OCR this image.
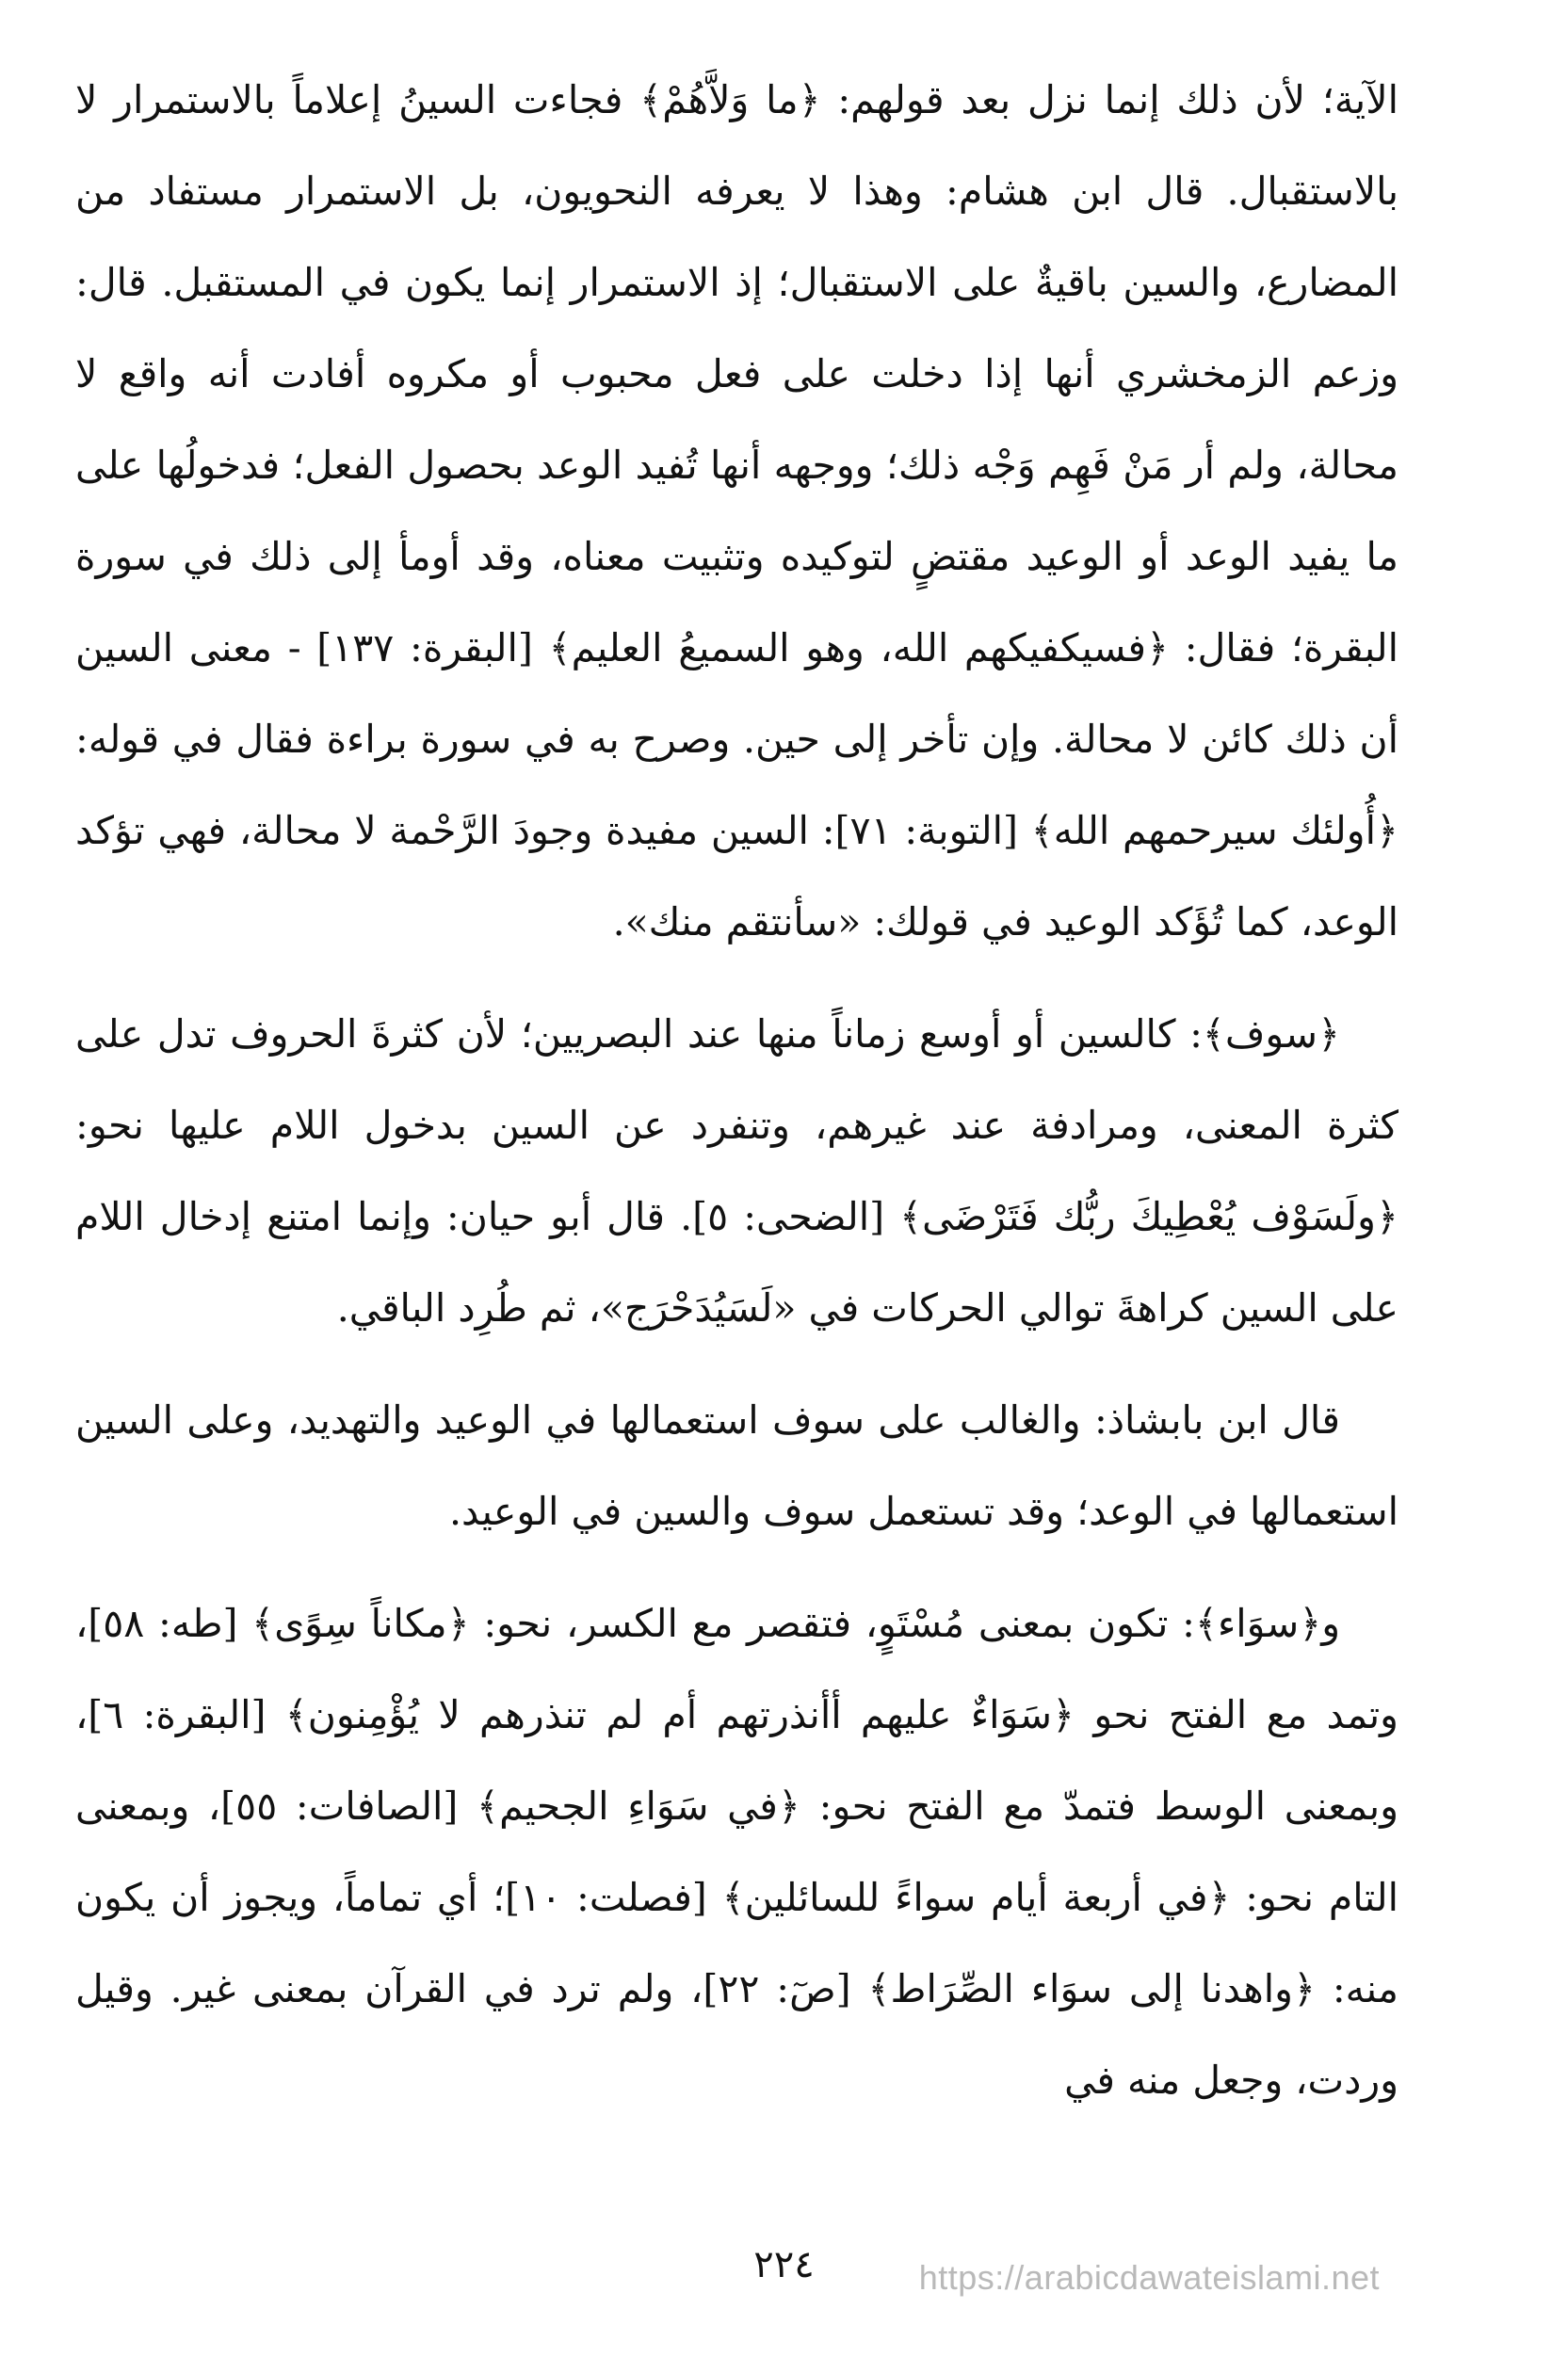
الآية؛ لأن ذلك إنما نزل بعد قولهم: ﴿ما وَلاَّهُمْ﴾ فجاءت السينُ إعلاماً بالاستمرار لا بالاستقبال. قال ابن هشام: وهذا لا يعرفه النحويون، بل الاستمرار مستفاد من المضارع، والسين باقيةٌ على الاستقبال؛ إذ الاستمرار إنما يكون في المستقبل. قال: وزعم الزمخشري أنها إذا دخلت على فعل محبوب أو مكروه أفادت أنه واقع لا محالة، ولم أر مَنْ فَهِم وَجْه ذلك؛ ووجهه أنها تُفيد الوعد بحصول الفعل؛ فدخولُها على ما يفيد الوعد أو الوعيد مقتضٍ لتوكيده وتثبيت معناه، وقد أومأ إلى ذلك في سورة البقرة؛ فقال: ﴿فسيكفيكهم الله، وهو السميعُ العليم﴾ [البقرة: ١٣٧] - معنى السين أن ذلك كائن لا محالة. وإن تأخر إلى حين. وصرح به في سورة براءة فقال في قوله: ﴿أُولئك سيرحمهم الله﴾ [التوبة: ٧١]: السين مفيدة وجودَ الرَّحْمة لا محالة، فهي تؤكد الوعد، كما تُؤَكد الوعيد في قولك: «سأنتقم منك».

﴿سوف﴾: كالسين أو أوسع زماناً منها عند البصريين؛ لأن كثرةَ الحروف تدل على كثرة المعنى، ومرادفة عند غيرهم، وتنفرد عن السين بدخول اللام عليها نحو: ﴿ولَسَوْف يُعْطِيكَ ربُّك فَتَرْضَى﴾ [الضحى: ٥]. قال أبو حيان: وإنما امتنع إدخال اللام على السين كراهةَ توالي الحركات في «لَسَيُدَحْرَج»، ثم طُرِد الباقي.

قال ابن بابشاذ: والغالب على سوف استعمالها في الوعيد والتهديد، وعلى السين استعمالها في الوعد؛ وقد تستعمل سوف والسين في الوعيد.

و﴿سوَاء﴾: تكون بمعنى مُسْتَوٍ، فتقصر مع الكسر، نحو: ﴿مكاناً سِوًى﴾ [طه: ٥٨]، وتمد مع الفتح نحو ﴿سَوَاءٌ عليهم أأنذرتهم أم لم تنذرهم لا يُؤْمِنون﴾ [البقرة: ٦]، وبمعنى الوسط فتمدّ مع الفتح نحو: ﴿في سَوَاءِ الجحيم﴾ [الصافات: ٥٥]، وبمعنى التام نحو: ﴿في أربعة أيام سواءً للسائلين﴾ [فصلت: ١٠]؛ أي تماماً، ويجوز أن يكون منه: ﴿واهدنا إلى سوَاء الصِّرَاط﴾ [صٓ: ٢٢]، ولم ترد في القرآن بمعنى غير. وقيل وردت، وجعل منه في

٢٢٤	https://arabicdawateislami.net
